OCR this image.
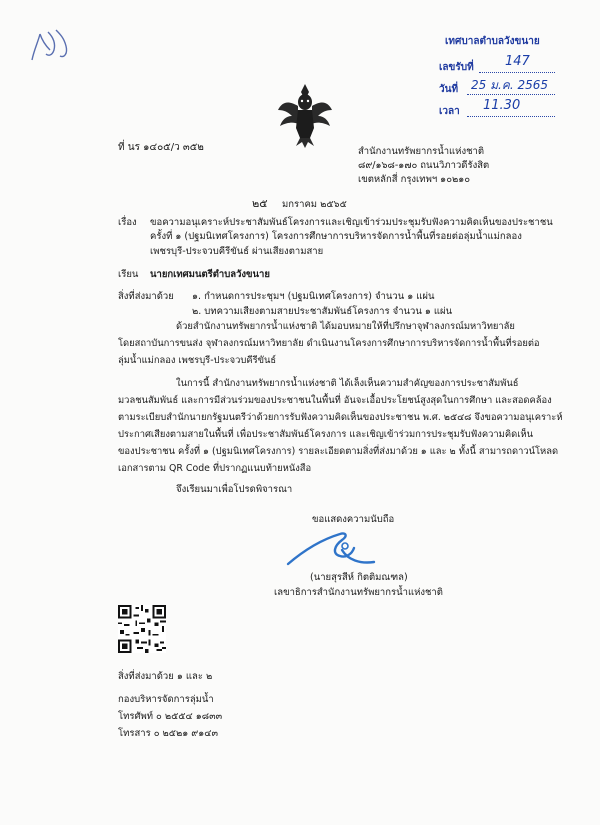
เทศบาลตำบลวังขนาย
เลขรับที่ 147
วันที่ 25 ม.ค. 2565
เวลา 11.30
ที่ นร ๑๔๐๕/ว ๓๕๒	สำนักงานทรัพยากรน้ำแห่งชาติ
๘๙/๑๖๘-๑๗๐ ถนนวิภาวดีรังสิต
เขตหลักสี่ กรุงเทพฯ ๑๐๒๑๐
๒๕ มกราคม ๒๕๖๕
เรื่อง ขอความอนุเคราะห์ประชาสัมพันธ์โครงการและเชิญเข้าร่วมประชุมรับฟังความคิดเห็นของประชาชน
ครั้งที่ ๑ (ปฐมนิเทศโครงการ) โครงการศึกษาการบริหารจัดการน้ำพื้นที่รอยต่อลุ่มน้ำแม่กลอง
เพชรบุรี-ประจวบคีรีขันธ์ ผ่านเสียงตามสาย
เรียน นายกเทศมนตรีตำบลวังขนาย
สิ่งที่ส่งมาด้วย ๑. กำหนดการประชุมฯ (ปฐมนิเทศโครงการ) จำนวน ๑ แผ่น
๒. บทความเสียงตามสายประชาสัมพันธ์โครงการ จำนวน ๑ แผ่น
ด้วยสำนักงานทรัพยากรน้ำแห่งชาติ ได้มอบหมายให้ที่ปรึกษาจุฬาลงกรณ์มหาวิทยาลัย
โดยสถาบันการขนส่ง จุฬาลงกรณ์มหาวิทยาลัย ดำเนินงานโครงการศึกษาการบริหารจัดการน้ำพื้นที่รอยต่อ
ลุ่มน้ำแม่กลอง เพชรบุรี-ประจวบคีรีขันธ์
ในการนี้ สำนักงานทรัพยากรน้ำแห่งชาติ ได้เล็งเห็นความสำคัญของการประชาสัมพันธ์
มวลชนสัมพันธ์ และการมีส่วนร่วมของประชาชนในพื้นที่ อันจะเอื้อประโยชน์สูงสุดในการศึกษา และสอดคล้อง
ตามระเบียบสำนักนายกรัฐมนตรีว่าด้วยการรับฟังความคิดเห็นของประชาชน พ.ศ. ๒๕๔๘ จึงขอความอนุเคราะห์
ประกาศเสียงตามสายในพื้นที่ เพื่อประชาสัมพันธ์โครงการ และเชิญเข้าร่วมการประชุมรับฟังความคิดเห็น
ของประชาชน ครั้งที่ ๑ (ปฐมนิเทศโครงการ) รายละเอียดตามสิ่งที่ส่งมาด้วย ๑ และ ๒ ทั้งนี้ สามารถดาวน์โหลด
เอกสารตาม QR Code ที่ปรากฏแนบท้ายหนังสือ
จึงเรียนมาเพื่อโปรดพิจารณา
ขอแสดงความนับถือ
(นายสุรสีห์ กิตติมณฑล)
เลขาธิการสำนักงานทรัพยากรน้ำแห่งชาติ
สิ่งที่ส่งมาด้วย ๑ และ ๒
กองบริหารจัดการลุ่มน้ำ
โทรศัพท์ ๐ ๒๕๕๔ ๑๘๓๓
โทรสาร ๐ ๒๕๒๑ ๙๑๔๓
